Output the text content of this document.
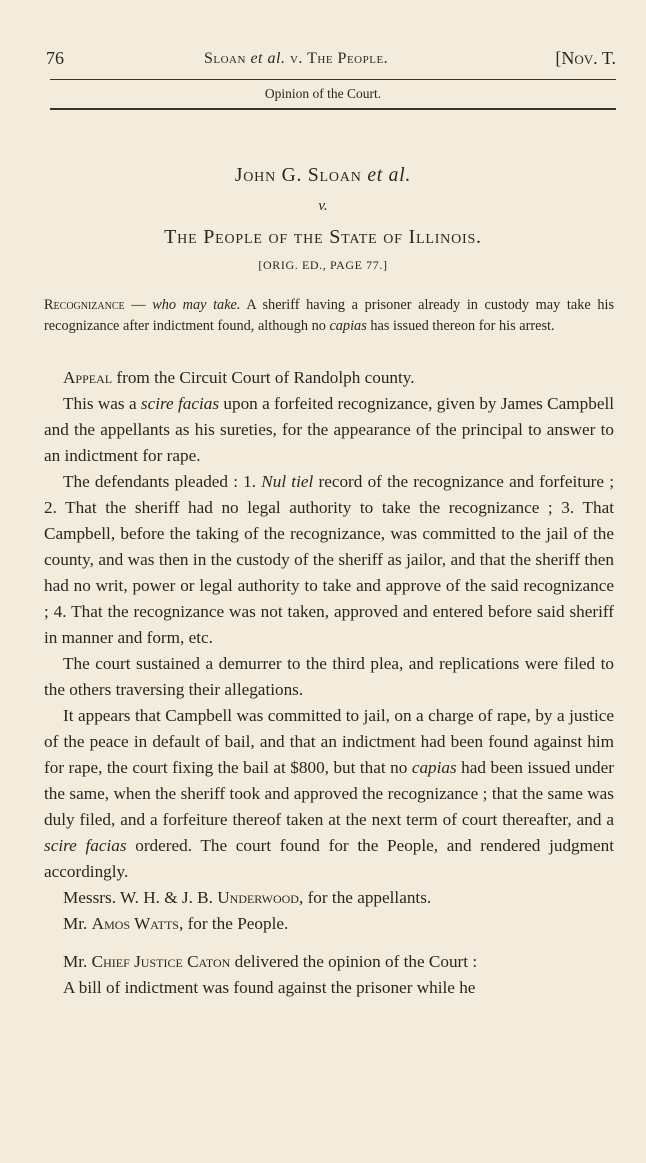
76	Sloan et al. v. The People.	[Nov. T.
Opinion of the Court.
John G. Sloan et al.
v.
The People of the State of Illinois.
[ORIG. ED., PAGE 77.]
Recognizance — who may take. A sheriff having a prisoner already in custody may take his recognizance after indictment found, although no capias has issued thereon for his arrest.

Appeal from the Circuit Court of Randolph county.

This was a scire facias upon a forfeited recognizance, given by James Campbell and the appellants as his sureties, for the appearance of the principal to answer to an indictment for rape.

The defendants pleaded : 1. Nul tiel record of the recognizance and forfeiture ; 2. That the sheriff had no legal authority to take the recognizance ; 3. That Campbell, before the taking of the recognizance, was committed to the jail of the county, and was then in the custody of the sheriff as jailor, and that the sheriff then had no writ, power or legal authority to take and approve of the said recognizance ; 4. That the recognizance was not taken, approved and entered before said sheriff in manner and form, etc.

The court sustained a demurrer to the third plea, and replications were filed to the others traversing their allegations.

It appears that Campbell was committed to jail, on a charge of rape, by a justice of the peace in default of bail, and that an indictment had been found against him for rape, the court fixing the bail at $800, but that no capias had been issued under the same, when the sheriff took and approved the recognizance ; that the same was duly filed, and a forfeiture thereof taken at the next term of court thereafter, and a scire facias ordered. The court found for the People, and rendered judgment accordingly.

Messrs. W. H. & J. B. Underwood, for the appellants.

Mr. Amos Watts, for the People.

Mr. Chief Justice Caton delivered the opinion of the Court :

A bill of indictment was found against the prisoner while he
